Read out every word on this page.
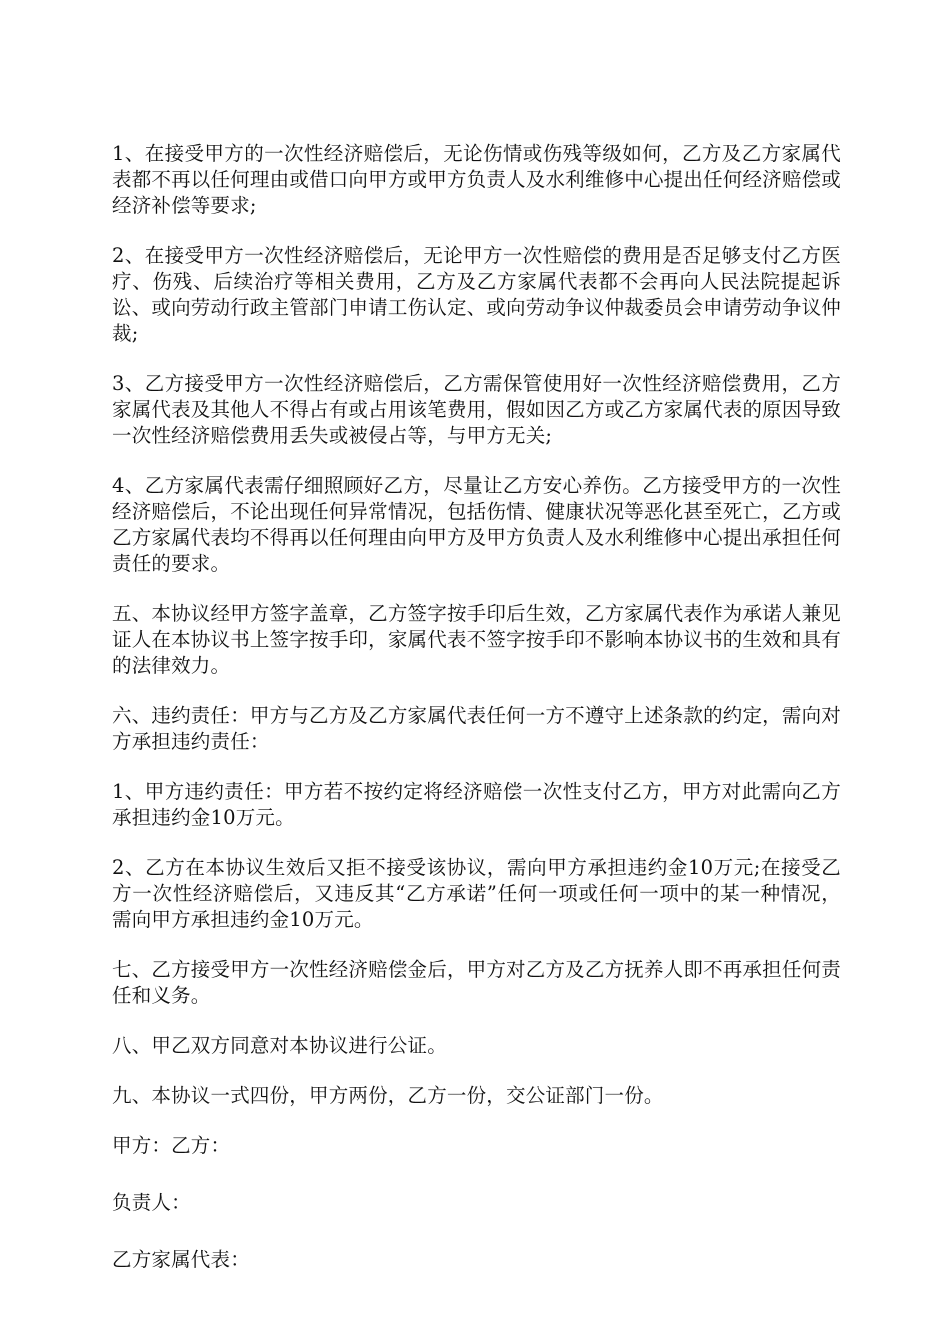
1、在接受甲方的一次性经济赔偿后，无论伤情或伤残等级如何，乙方及乙方家属代表都不再以任何理由或借口向甲方或甲方负责人及水利维修中心提出任何经济赔偿或经济补偿等要求;

2、在接受甲方一次性经济赔偿后，无论甲方一次性赔偿的费用是否足够支付乙方医疗、伤残、后续治疗等相关费用，乙方及乙方家属代表都不会再向人民法院提起诉讼、或向劳动行政主管部门申请工伤认定、或向劳动争议仲裁委员会申请劳动争议仲裁;

3、乙方接受甲方一次性经济赔偿后，乙方需保管使用好一次性经济赔偿费用，乙方家属代表及其他人不得占有或占用该笔费用，假如因乙方或乙方家属代表的原因导致一次性经济赔偿费用丢失或被侵占等，与甲方无关;

4、乙方家属代表需仔细照顾好乙方，尽量让乙方安心养伤。乙方接受甲方的一次性经济赔偿后，不论出现任何异常情况，包括伤情、健康状况等恶化甚至死亡，乙方或乙方家属代表均不得再以任何理由向甲方及甲方负责人及水利维修中心提出承担任何责任的要求。

五、本协议经甲方签字盖章，乙方签字按手印后生效，乙方家属代表作为承诺人兼见证人在本协议书上签字按手印，家属代表不签字按手印不影响本协议书的生效和具有的法律效力。

六、违约责任：甲方与乙方及乙方家属代表任何一方不遵守上述条款的约定，需向对方承担违约责任：

1、甲方违约责任：甲方若不按约定将经济赔偿一次性支付乙方，甲方对此需向乙方承担违约金10万元。

2、乙方在本协议生效后又拒不接受该协议，需向甲方承担违约金10万元;在接受乙方一次性经济赔偿后，又违反其“乙方承诺”任何一项或任何一项中的某一种情况，需向甲方承担违约金10万元。

七、乙方接受甲方一次性经济赔偿金后，甲方对乙方及乙方抚养人即不再承担任何责任和义务。

八、甲乙双方同意对本协议进行公证。

九、本协议一式四份，甲方两份，乙方一份，交公证部门一份。

甲方：乙方：

负责人：

乙方家属代表：
